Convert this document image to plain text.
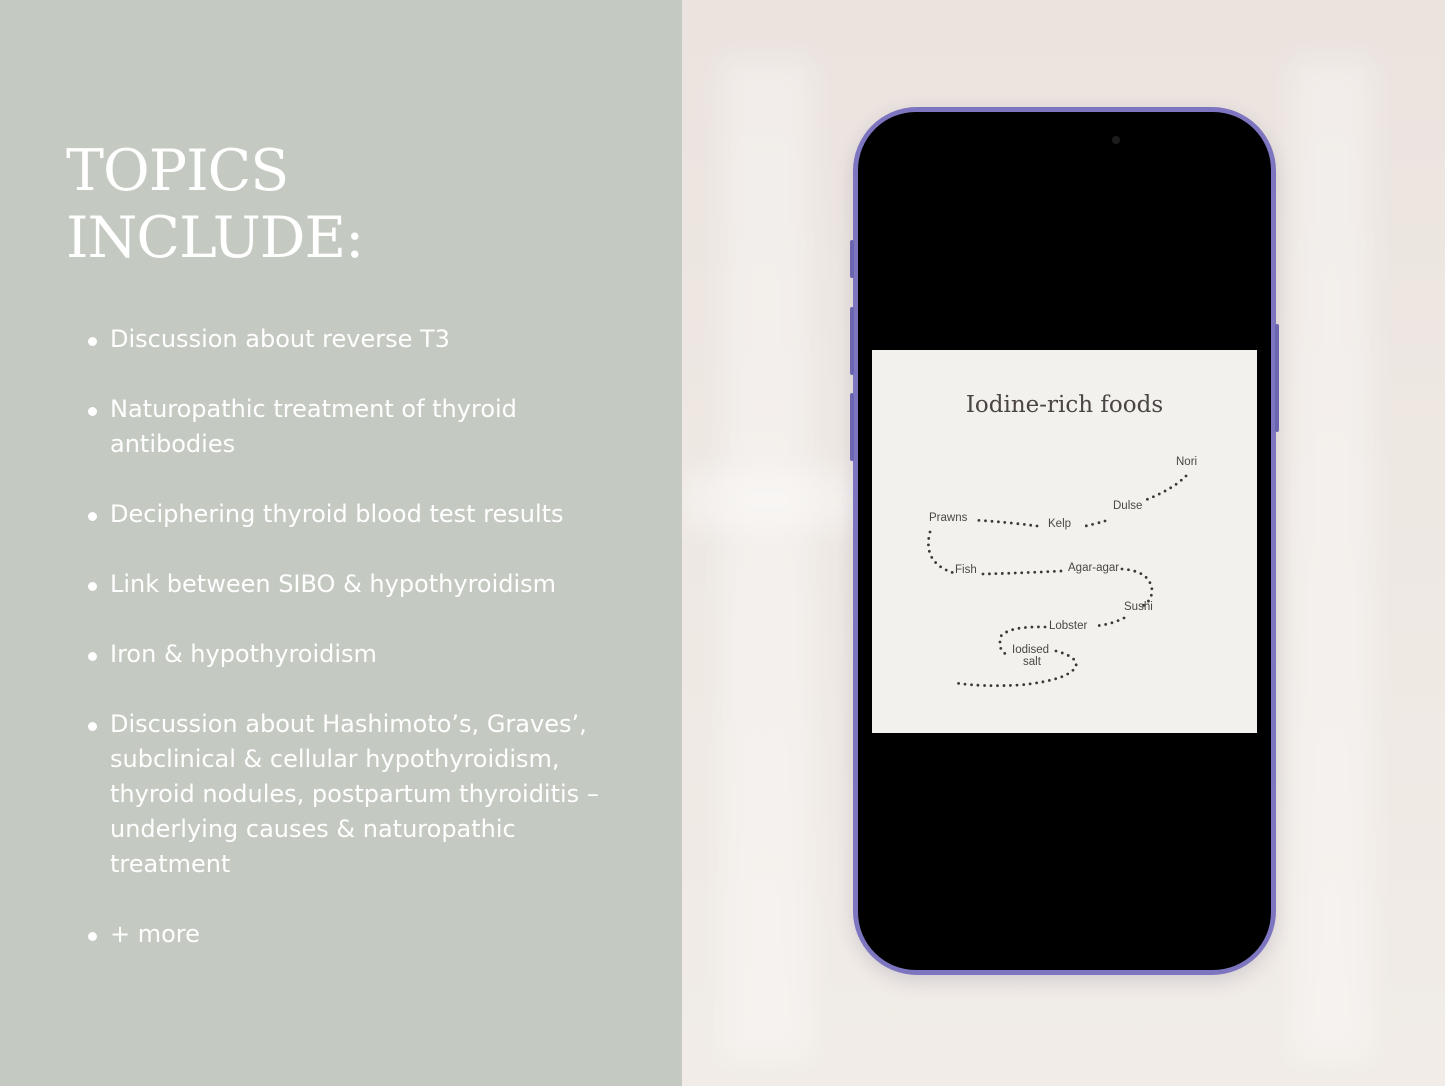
TOPICS
INCLUDE:
Discussion about reverse T3
Naturopathic treatment of thyroid antibodies
Deciphering thyroid blood test results
Link between SIBO & hypothyroidism
Iron & hypothyroidism
Discussion about Hashimoto’s, Graves’, subclinical & cellular hypothyroidism, thyroid nodules, postpartum thyroiditis – underlying causes & naturopathic treatment
+ more
Iodine-rich foods
Nori
Dulse
Kelp
Prawns
Fish	Agar-agar
Sushi
Lobster
Iodised
salt
